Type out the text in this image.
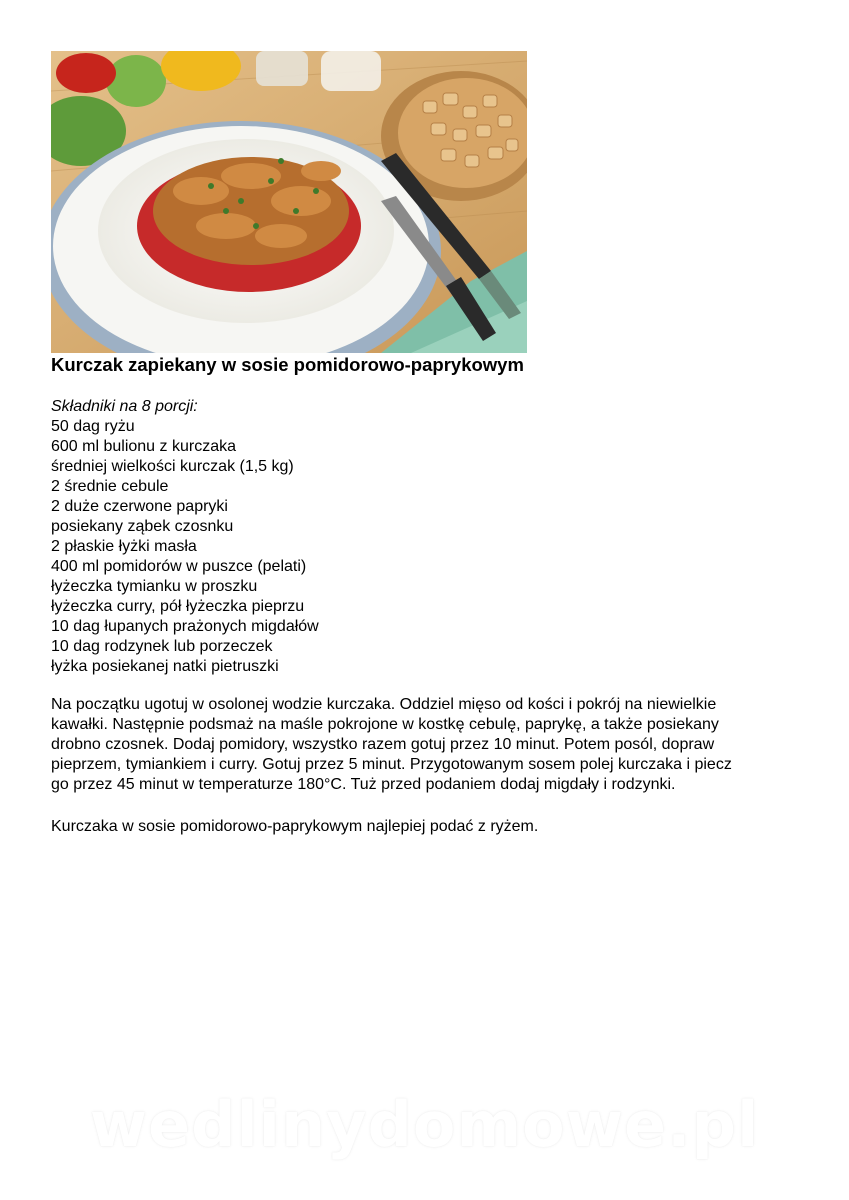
Kurczak zapiekany w sosie pomidorowo-paprykowym
Składniki na 8 porcji:
50 dag ryżu
600 ml bulionu z kurczaka
średniej wielkości kurczak (1,5 kg)
2 średnie cebule
2 duże czerwone papryki
posiekany ząbek czosnku
2 płaskie łyżki masła
400 ml pomidorów w puszce (pelati)
łyżeczka tymianku w proszku
łyżeczka curry, pół łyżeczka pieprzu
10 dag łupanych prażonych migdałów
10 dag rodzynek lub porzeczek
łyżka posiekanej natki pietruszki
Na początku ugotuj w osolonej wodzie kurczaka. Oddziel mięso od kości i pokrój na niewielkie
kawałki. Następnie podsmaż na maśle pokrojone w kostkę cebulę, paprykę, a także posiekany
drobno czosnek. Dodaj pomidory, wszystko razem gotuj przez 10 minut. Potem posól, dopraw
pieprzem, tymiankiem i curry. Gotuj przez 5 minut. Przygotowanym sosem polej kurczaka i piecz
go przez 45 minut w temperaturze 180°C. Tuż przed podaniem dodaj migdały i rodzynki.
Kurczaka w sosie pomidorowo-paprykowym najlepiej podać z ryżem.
wedlinydomowe.pl
